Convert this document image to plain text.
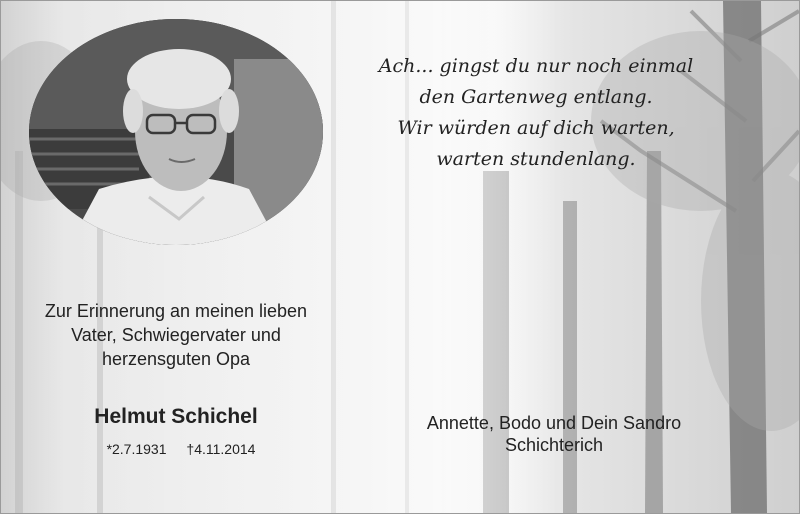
Ach... gingst du nur noch einmal
den Gartenweg entlang.
Wir würden auf dich warten,
warten stundenlang.
Zur Erinnerung an meinen lieben
Vater, Schwiegervater und
herzensguten Opa
Helmut Schichel
*2.7.1931 †4.11.2014
Annette, Bodo und Dein Sandro
Schichterich
